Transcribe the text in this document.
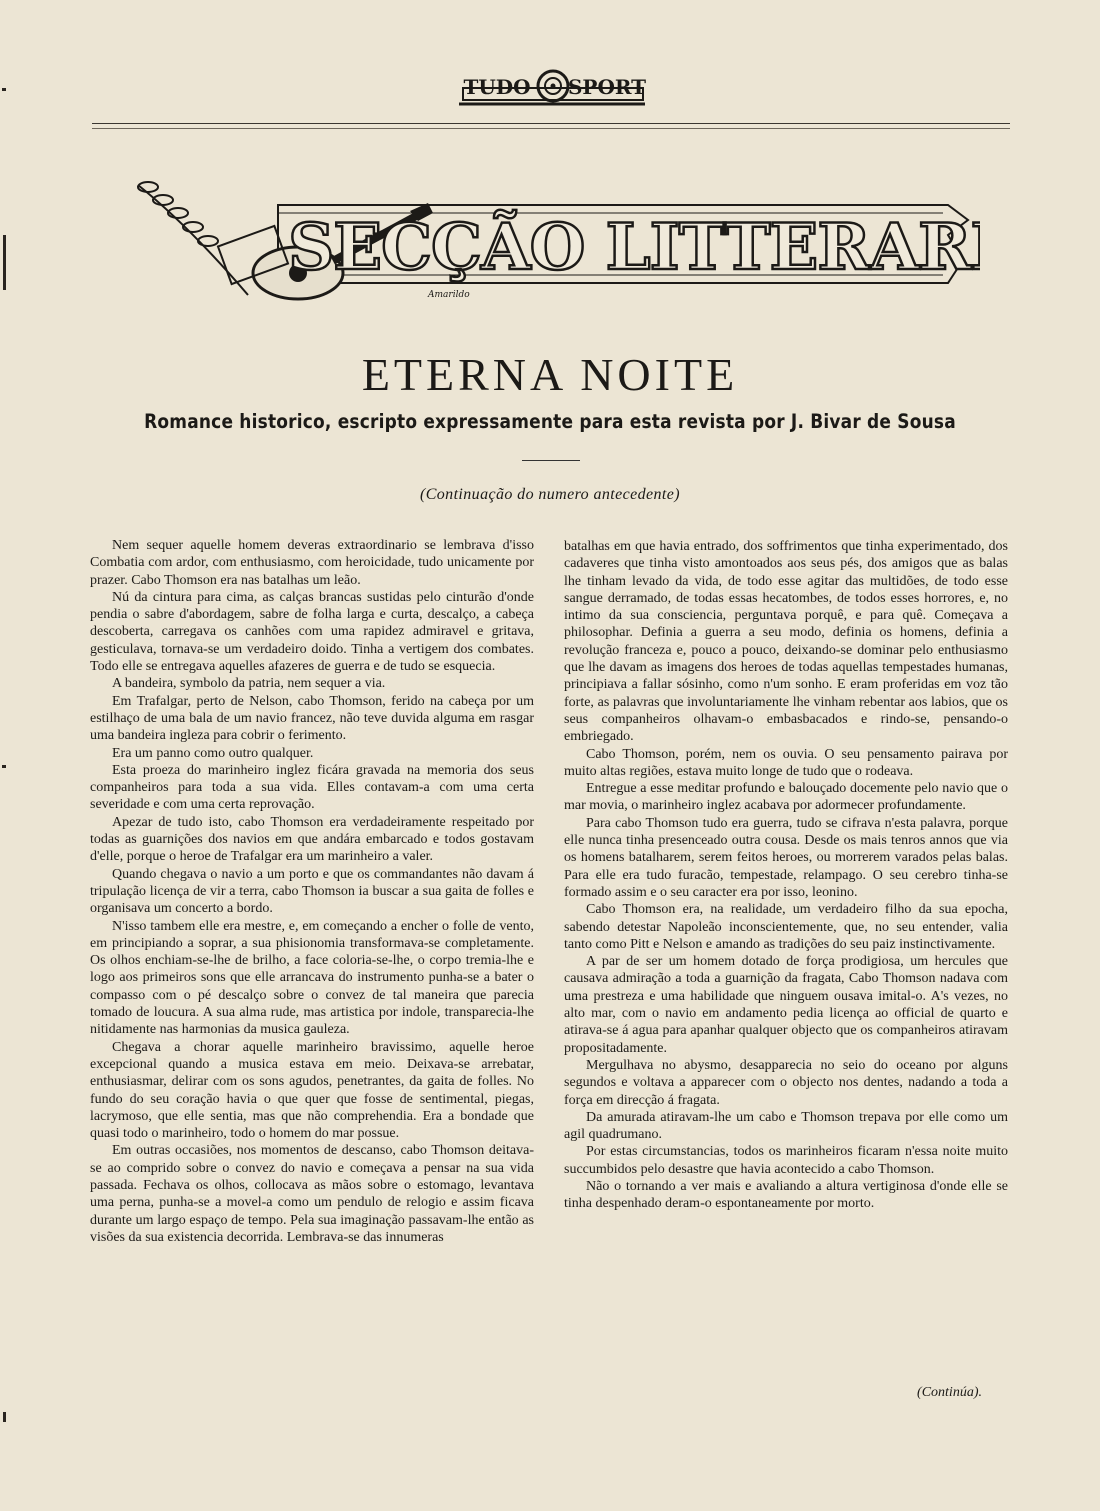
TUDO SPORT
SECÇÃO LITTERARIA
Amarildo
ETERNA NOITE
Romance historico, escripto expressamente para esta revista por J. Bivar de Sousa
(Continuação do numero antecedente)

Nem sequer aquelle homem deveras extraordinario se lembrava d'isso Combatia com ardor, com enthusiasmo, com heroicidade, tudo unicamente por prazer. Cabo Thomson era nas batalhas um leão.

Nú da cintura para cima, as calças brancas sustidas pelo cinturão d'onde pendia o sabre d'abordagem, sabre de folha larga e curta, descalço, a cabeça descoberta, carregava os canhões com uma rapidez admiravel e gritava, gesticulava, tornava-se um verdadeiro doido. Tinha a vertigem dos combates. Todo elle se entregava aquelles afazeres de guerra e de tudo se esquecia.

A bandeira, symbolo da patria, nem sequer a via.

Em Trafalgar, perto de Nelson, cabo Thomson, ferido na cabeça por um estilhaço de uma bala de um navio francez, não teve duvida alguma em rasgar uma bandeira ingleza para cobrir o ferimento.

Era um panno como outro qualquer.

Esta proeza do marinheiro inglez ficára gravada na memoria dos seus companheiros para toda a sua vida. Elles contavam-a com uma certa severidade e com uma certa reprovação.

Apezar de tudo isto, cabo Thomson era verdadeiramente respeitado por todas as guarnições dos navios em que andára embarcado e todos gostavam d'elle, porque o heroe de Trafalgar era um marinheiro a valer.

Quando chegava o navio a um porto e que os commandantes não davam á tripulação licença de vir a terra, cabo Thomson ia buscar a sua gaita de folles e organisava um concerto a bordo.

N'isso tambem elle era mestre, e, em começando a encher o folle de vento, em principiando a soprar, a sua phisionomia transformava-se completamente. Os olhos enchiam-se-lhe de brilho, a face coloria-se-lhe, o corpo tremia-lhe e logo aos primeiros sons que elle arrancava do instrumento punha-se a bater o compasso com o pé descalço sobre o convez de tal maneira que parecia tomado de loucura. A sua alma rude, mas artistica por indole, transparecia-lhe nitidamente nas harmonias da musica gauleza.

Chegava a chorar aquelle marinheiro bravissimo, aquelle heroe excepcional quando a musica estava em meio. Deixava-se arrebatar, enthusiasmar, delirar com os sons agudos, penetrantes, da gaita de folles. No fundo do seu coração havia o que quer que fosse de sentimental, piegas, lacrymoso, que elle sentia, mas que não comprehendia. Era a bondade que quasi todo o marinheiro, todo o homem do mar possue.

Em outras occasiões, nos momentos de descanso, cabo Thomson deitava-se ao comprido sobre o convez do navio e começava a pensar na sua vida passada. Fechava os olhos, collocava as mãos sobre o estomago, levantava uma perna, punha-se a movel-a como um pendulo de relogio e assim ficava durante um largo espaço de tempo. Pela sua imaginação passavam-lhe então as visões da sua existencia decorrida. Lembrava-se das innumeras

batalhas em que havia entrado, dos soffrimentos que tinha experimentado, dos cadaveres que tinha visto amontoados aos seus pés, dos amigos que as balas lhe tinham levado da vida, de todo esse agitar das multidões, de todo esse sangue derramado, de todas essas hecatombes, de todos esses horrores, e, no intimo da sua consciencia, perguntava porquê, e para quê. Começava a philosophar. Definia a guerra a seu modo, definia os homens, definia a revolução franceza e, pouco a pouco, deixando-se dominar pelo enthusiasmo que lhe davam as imagens dos heroes de todas aquellas tempestades humanas, principiava a fallar sósinho, como n'um sonho. E eram proferidas em voz tão forte, as palavras que involuntariamente lhe vinham rebentar aos labios, que os seus companheiros olhavam-o embasbacados e rindo-se, pensando-o embriegado.

Cabo Thomson, porém, nem os ouvia. O seu pensamento pairava por muito altas regiões, estava muito longe de tudo que o rodeava.

Entregue a esse meditar profundo e balouçado docemente pelo navio que o mar movia, o marinheiro inglez acabava por adormecer profundamente.

Para cabo Thomson tudo era guerra, tudo se cifrava n'esta palavra, porque elle nunca tinha presenceado outra cousa. Desde os mais tenros annos que via os homens batalharem, serem feitos heroes, ou morrerem varados pelas balas. Para elle era tudo furacão, tempestade, relampago. O seu cerebro tinha-se formado assim e o seu caracter era por isso, leonino.

Cabo Thomson era, na realidade, um verdadeiro filho da sua epocha, sabendo detestar Napoleão inconscientemente, que, no seu entender, valia tanto como Pitt e Nelson e amando as tradições do seu paiz instinctivamente.

A par de ser um homem dotado de força prodigiosa, um hercules que causava admiração a toda a guarnição da fragata, Cabo Thomson nadava com uma prestreza e uma habilidade que ninguem ousava imital-o. A's vezes, no alto mar, com o navio em andamento pedia licença ao official de quarto e atirava-se á agua para apanhar qualquer objecto que os companheiros atiravam propositadamente.

Mergulhava no abysmo, desapparecia no seio do oceano por alguns segundos e voltava a apparecer com o objecto nos dentes, nadando a toda a força em direcção á fragata.

Da amurada atiravam-lhe um cabo e Thomson trepava por elle como um agil quadrumano.

Por estas circumstancias, todos os marinheiros ficaram n'essa noite muito succumbidos pelo desastre que havia acontecido a cabo Thomson.

Não o tornando a ver mais e avaliando a altura vertiginosa d'onde elle se tinha despenhado deram-o espontaneamente por morto.

(Continúa).
